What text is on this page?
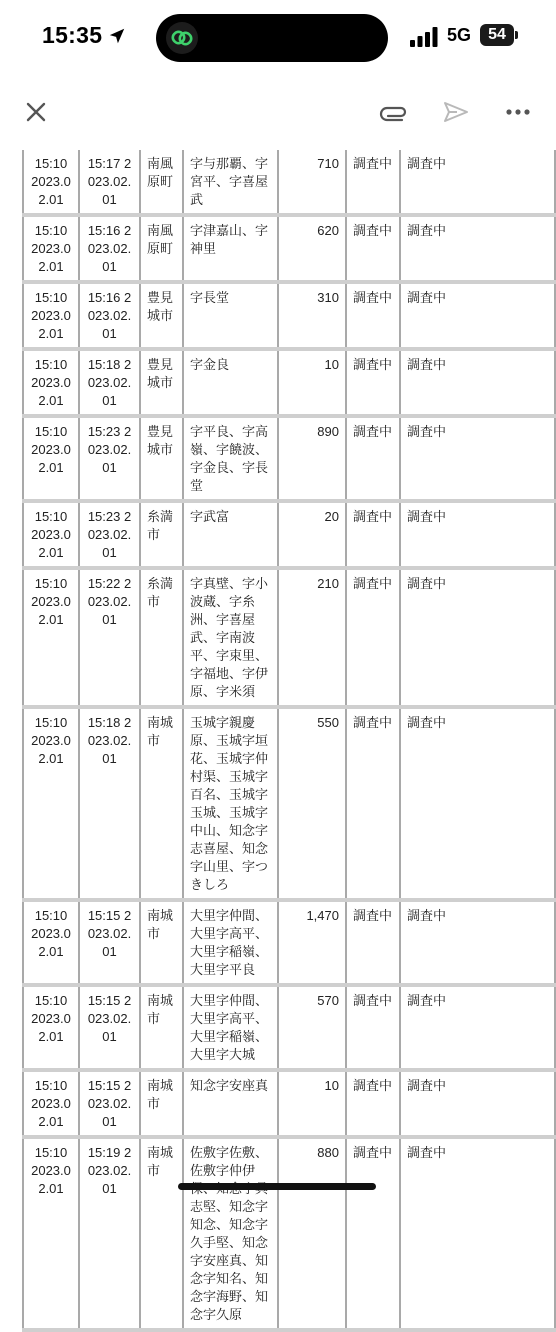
15:35	5G	54
15:10 2023.02.01	15:17 2023.02.01	南風原町	字与那覇、字宮平、字喜屋武	710	調査中	調査中
15:10 2023.02.01	15:16 2023.02.01	南風原町	字津嘉山、字神里	620	調査中	調査中
15:10 2023.02.01	15:16 2023.02.01	豊見城市	字長堂	310	調査中	調査中
15:10 2023.02.01	15:18 2023.02.01	豊見城市	字金良	10	調査中	調査中
15:10 2023.02.01	15:23 2023.02.01	豊見城市	字平良、字高嶺、字饒波、字金良、字長堂	890	調査中	調査中
15:10 2023.02.01	15:23 2023.02.01	糸満市	字武富	20	調査中	調査中
15:10 2023.02.01	15:22 2023.02.01	糸満市	字真壁、字小波蔵、字糸洲、字喜屋武、字南波平、字束里、字福地、字伊原、字米須	210	調査中	調査中
15:10 2023.02.01	15:18 2023.02.01	南城市	玉城字親慶原、玉城字垣花、玉城字仲村渠、玉城字百名、玉城字玉城、玉城字中山、知念字志喜屋、知念字山里、字つきしろ	550	調査中	調査中
15:10 2023.02.01	15:15 2023.02.01	南城市	大里字仲間、大里字高平、大里字稲嶺、大里字平良	1,470	調査中	調査中
15:10 2023.02.01	15:15 2023.02.01	南城市	大里字仲間、大里字高平、大里字稲嶺、大里字大城	570	調査中	調査中
15:10 2023.02.01	15:15 2023.02.01	南城市	知念字安座真	10	調査中	調査中
15:10 2023.02.01	15:19 2023.02.01	南城市	佐敷字佐敷、佐敷字仲伊 志堅、知念字知念、知念字久手堅、知念字安座真、知念字知名、知念字海野、知念字久原	880	調査中	調査中
